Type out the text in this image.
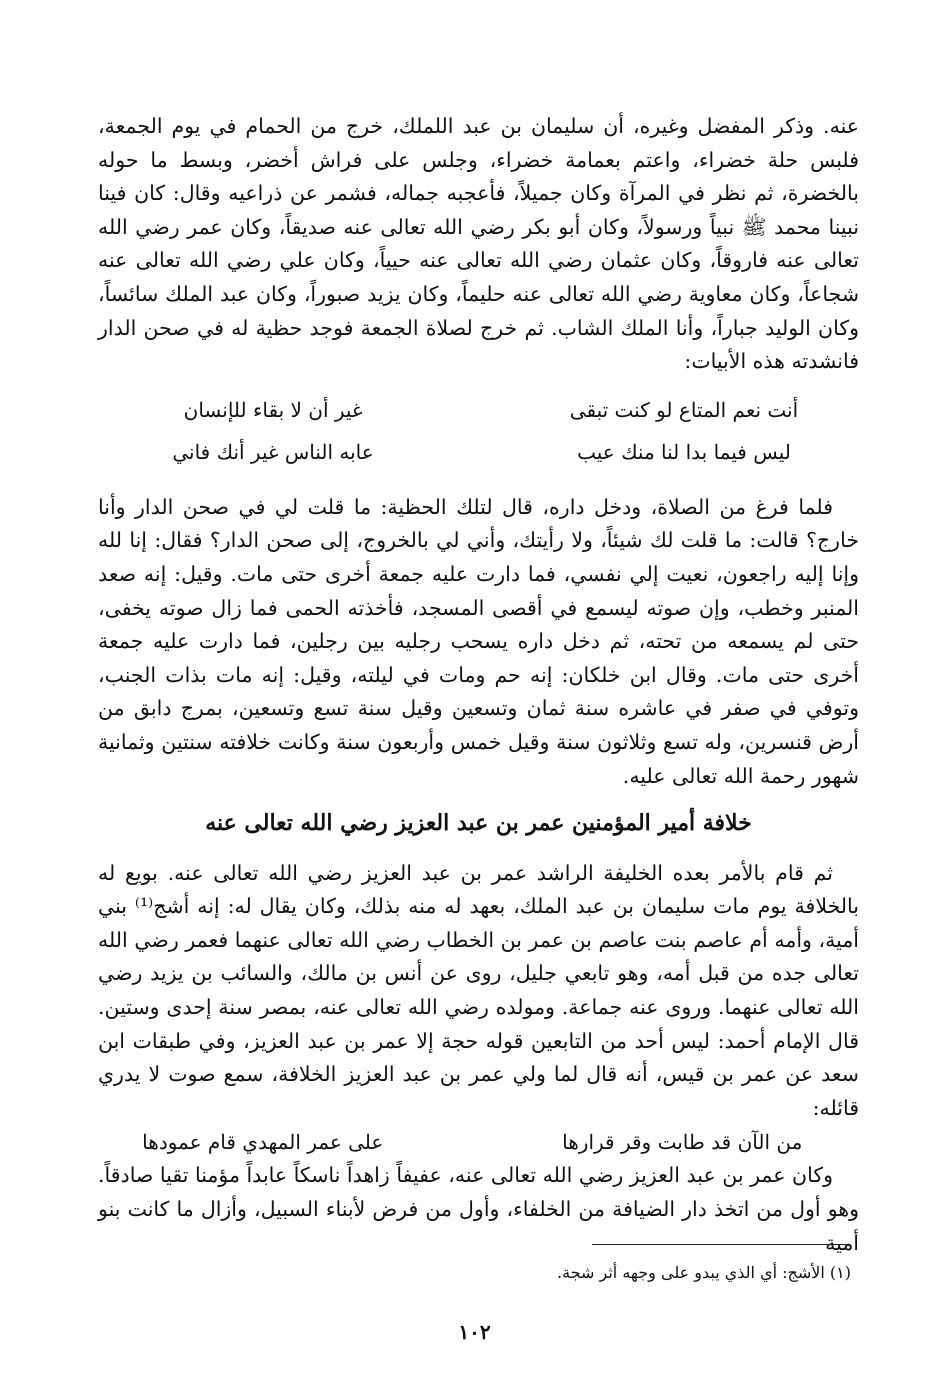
عنه. وذكر المفضل وغيره، أن سليمان بن عبد اللملك، خرج من الحمام في يوم الجمعة، فلبس حلة خضراء، واعتم بعمامة خضراء، وجلس على فراش أخضر، وبسط ما حوله بالخضرة، ثم نظر في المرآة وكان جميلاً، فأعجبه جماله، فشمر عن ذراعيه وقال: كان فينا نبينا محمد ﷺ نبياً ورسولاً، وكان أبو بكر رضي الله تعالى عنه صديقاً، وكان عمر رضي الله تعالى عنه فاروقاً، وكان عثمان رضي الله تعالى عنه حيياً، وكان علي رضي الله تعالى عنه شجاعاً، وكان معاوية رضي الله تعالى عنه حليماً، وكان يزيد صبوراً، وكان عبد الملك سائساً، وكان الوليد جباراً، وأنا الملك الشاب. ثم خرج لصلاة الجمعة فوجد حظية له في صحن الدار فانشدته هذه الأبيات:

أنت نعم المتاع لو كنت تبقى
غير أن لا بقاء للإنسان
ليس فيما بدا لنا منك عيب
عابه الناس غير أنك فاني

فلما فرغ من الصلاة، ودخل داره، قال لتلك الحظية: ما قلت لي في صحن الدار وأنا خارج؟ قالت: ما قلت لك شيئاً، ولا رأيتك، وأني لي بالخروج، إلى صحن الدار؟ فقال: إنا لله وإنا إليه راجعون، نعيت إلي نفسي، فما دارت عليه جمعة أخرى حتى مات. وقيل: إنه صعد المنبر وخطب، وإن صوته ليسمع في أقصى المسجد، فأخذته الحمى فما زال صوته يخفى، حتى لم يسمعه من تحته، ثم دخل داره يسحب رجليه بين رجلين، فما دارت عليه جمعة أخرى حتى مات. وقال ابن خلكان: إنه حم ومات في ليلته، وقيل: إنه مات بذات الجنب، وتوفي في صفر في عاشره سنة ثمان وتسعين وقيل سنة تسع وتسعين، بمرج دابق من أرض قنسرين، وله تسع وثلاثون سنة وقيل خمس وأربعون سنة وكانت خلافته سنتين وثمانية شهور رحمة الله تعالى عليه.

خلافة أمير المؤمنين عمر بن عبد العزيز رضي الله تعالى عنه

ثم قام بالأمر بعده الخليفة الراشد عمر بن عبد العزيز رضي الله تعالى عنه. بويع له بالخلافة يوم مات سليمان بن عبد الملك، بعهد له منه بذلك، وكان يقال له: إنه أشج⁽¹⁾ بني أمية، وأمه أم عاصم بنت عاصم بن عمر بن الخطاب رضي الله تعالى عنهما فعمر رضي الله تعالى جده من قبل أمه، وهو تابعي جليل، روى عن أنس بن مالك، والسائب بن يزيد رضي الله تعالى عنهما. وروى عنه جماعة. ومولده رضي الله تعالى عنه، بمصر سنة إحدى وستين. قال الإمام أحمد: ليس أحد من التابعين قوله حجة إلا عمر بن عبد العزيز، وفي طبقات ابن سعد عن عمر بن قيس، أنه قال لما ولي عمر بن عبد العزيز الخلافة، سمع صوت لا يدري قائله:

من الآن قد طابت وقر قرارها
على عمر المهدي قام عمودها

وكان عمر بن عبد العزيز رضي الله تعالى عنه، عفيفاً زاهداً ناسكاً عابداً مؤمنا تقيا صادقاً. وهو أول من اتخذ دار الضيافة من الخلفاء، وأول من فرض لأبناء السبيل، وأزال ما كانت بنو أمية

(١) الأشج: أي الذي يبدو على وجهه أثر شجة.
١٠٢
